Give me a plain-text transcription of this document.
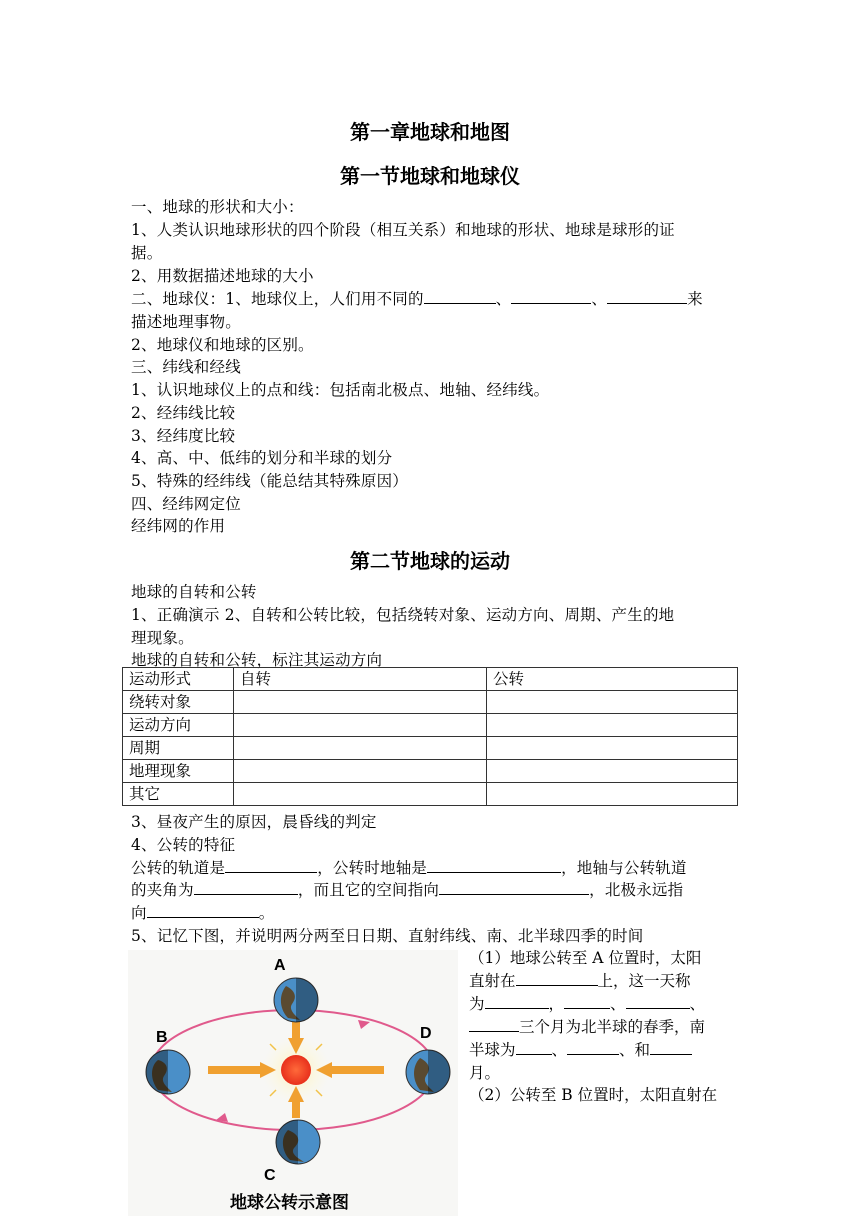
第一章地球和地图
第一节地球和地球仪
一、地球的形状和大小：
1、人类认识地球形状的四个阶段（相互关系）和地球的形状、地球是球形的证
据。
2、用数据描述地球的大小
二、地球仪：1、地球仪上，人们用不同的	、	、	来
描述地理事物。
2、地球仪和地球的区别。
三、纬线和经线
1、认识地球仪上的点和线：包括南北极点、地轴、经纬线。
2、经纬线比较
3、经纬度比较
4、高、中、低纬的划分和半球的划分
5、特殊的经纬线（能总结其特殊原因）
四、经纬网定位
经纬网的作用
第二节地球的运动
地球的自转和公转
1、正确演示 2、自转和公转比较，包括绕转对象、运动方向、周期、产生的地
理现象。
地球的自转和公转，标注其运动方向
运动形式	自转	公转
绕转对象		
运动方向		
周期		
地理现象		
其它		
3、昼夜产生的原因，晨昏线的判定
4、公转的特征
公转的轨道是	，公转时地轴是	，地轴与公转轨道
的夹角为	，而且它的空间指向	，北极永远指
向	。
5、记忆下图，并说明两分两至日日期、直射纬线、南、北半球四季的时间
（1）地球公转至 A 位置时，太阳
直射在	上，这一天称
为	，	、	、
三个月为北半球的春季，南
半球为 、	、和
月。
（2）公转至 B 位置时，太阳直射在
A
B
C
D
地球公转示意图
